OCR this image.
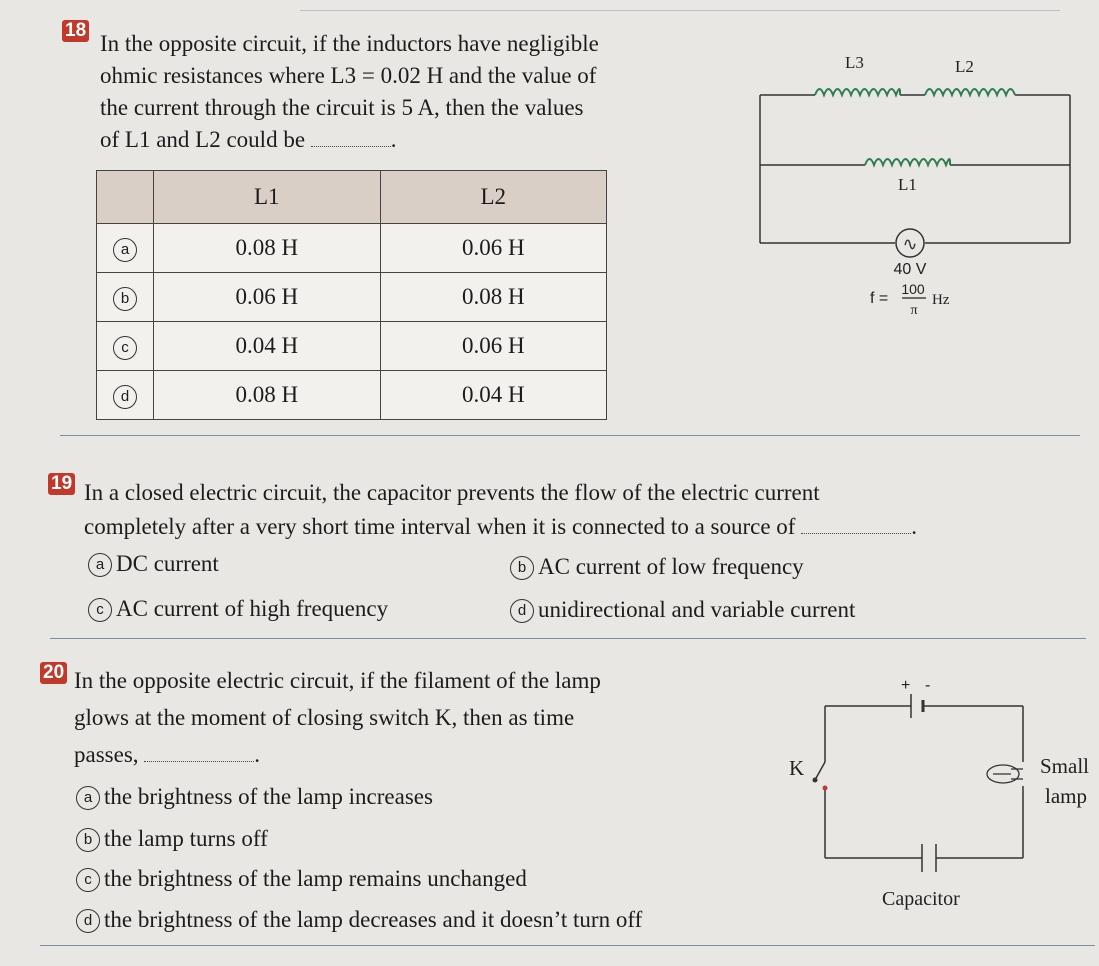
18
In the opposite circuit, if the inductors have negligible
ohmic resistances where L3 = 0.02 H and the value of
the current through the circuit is 5 A, then the values
of L1 and L2 could be	.
	L1	L2
a	0.08 H	0.06 H
b	0.06 H	0.08 H
c	0.04 H	0.06 H
d	0.08 H	0.04 H
L3	L2
L1
∿
40 V
f =
100
π
Hz
19 In a closed electric circuit, the capacitor prevents the flow of the electric current
completely after a very short time interval when it is connected to a source of	.
a DC current	b AC current of low frequency
c AC current of high frequency	d unidirectional and variable current
20 In the opposite electric circuit, if the filament of the lamp
glows at the moment of closing switch K, then as time
passes,	.
a the brightness of the lamp increases
b the lamp turns off
c the brightness of the lamp remains unchanged
d the brightness of the lamp decreases and it doesn’t turn off
+ -
K	Small
Capacitor
lamp
